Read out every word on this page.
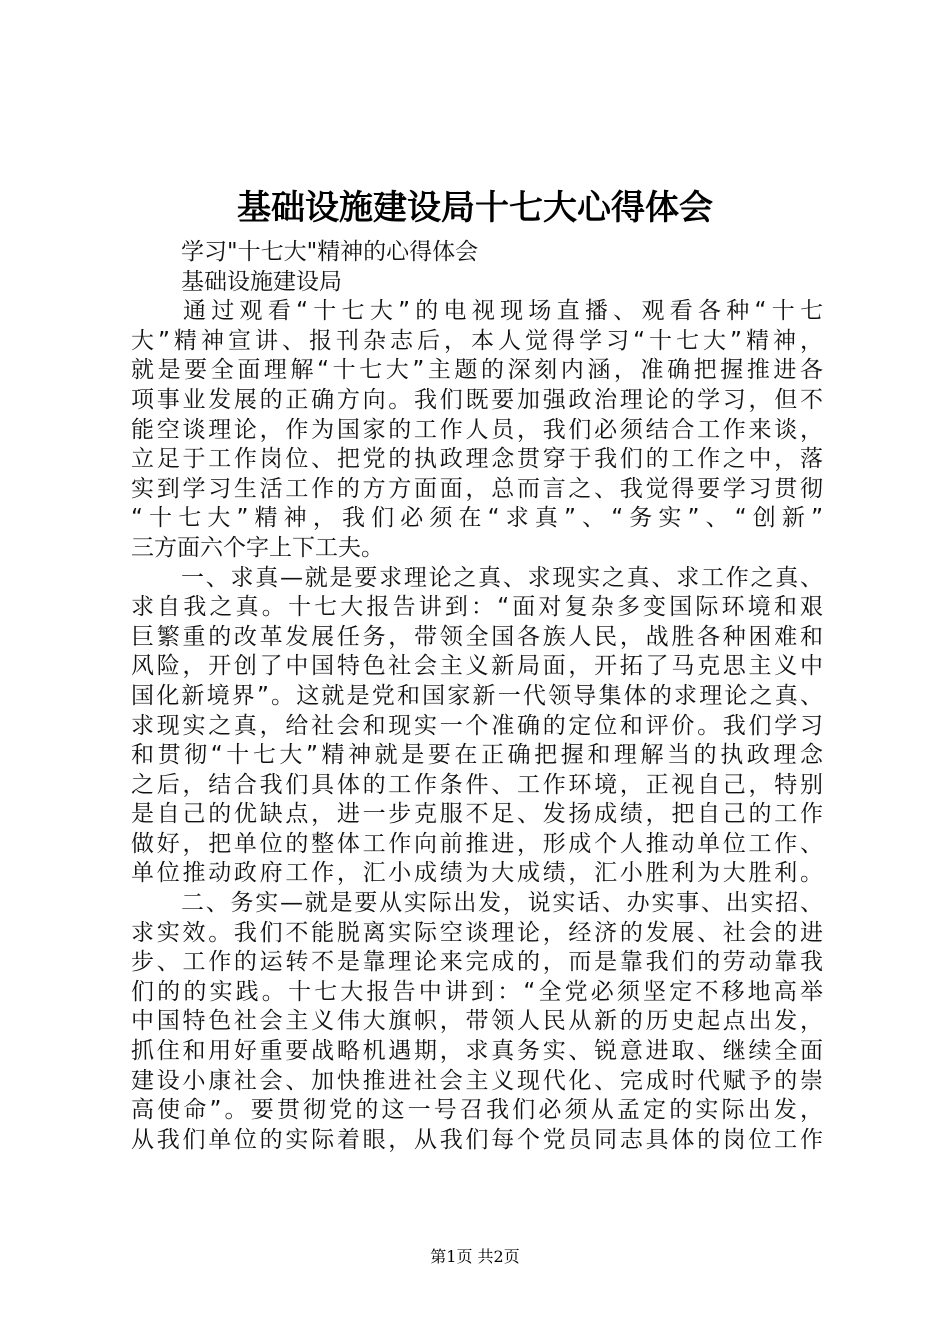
基础设施建设局十七大心得体会

学习"十七大"精神的心得体会

基础设施建设局

通过观看“十七大”的电视现场直播、观看各种“十七

大”精神宣讲、报刊杂志后，本人觉得学习“十七大”精神，

就是要全面理解“十七大”主题的深刻内涵，准确把握推进各

项事业发展的正确方向。我们既要加强政治理论的学习，但不

能空谈理论，作为国家的工作人员，我们必须结合工作来谈，

立足于工作岗位、把党的执政理念贯穿于我们的工作之中，落

实到学习生活工作的方方面面，总而言之、我觉得要学习贯彻

“十七大”精神，我们必须在“求真”、“务实”、“创新”

三方面六个字上下工夫。

一、求真—就是要求理论之真、求现实之真、求工作之真、

求自我之真。十七大报告讲到：“面对复杂多变国际环境和艰

巨繁重的改革发展任务，带领全国各族人民，战胜各种困难和

风险，开创了中国特色社会主义新局面，开拓了马克思主义中

国化新境界”。这就是党和国家新一代领导集体的求理论之真、

求现实之真，给社会和现实一个准确的定位和评价。我们学习

和贯彻“十七大”精神就是要在正确把握和理解当的执政理念

之后，结合我们具体的工作条件、工作环境，正视自己，特别

是自己的优缺点，进一步克服不足、发扬成绩，把自己的工作

做好，把单位的整体工作向前推进，形成个人推动单位工作、

单位推动政府工作，汇小成绩为大成绩，汇小胜利为大胜利。

二、务实—就是要从实际出发，说实话、办实事、出实招、

求实效。我们不能脱离实际空谈理论，经济的发展、社会的进

步、工作的运转不是靠理论来完成的，而是靠我们的劳动靠我

们的的实践。十七大报告中讲到：“全党必须坚定不移地高举

中国特色社会主义伟大旗帜，带领人民从新的历史起点出发，

抓住和用好重要战略机遇期，求真务实、锐意进取、继续全面

建设小康社会、加快推进社会主义现代化、完成时代赋予的崇

高使命”。要贯彻党的这一号召我们必须从孟定的实际出发，

从我们单位的实际着眼，从我们每个党员同志具体的岗位工作

第1页 共2页
